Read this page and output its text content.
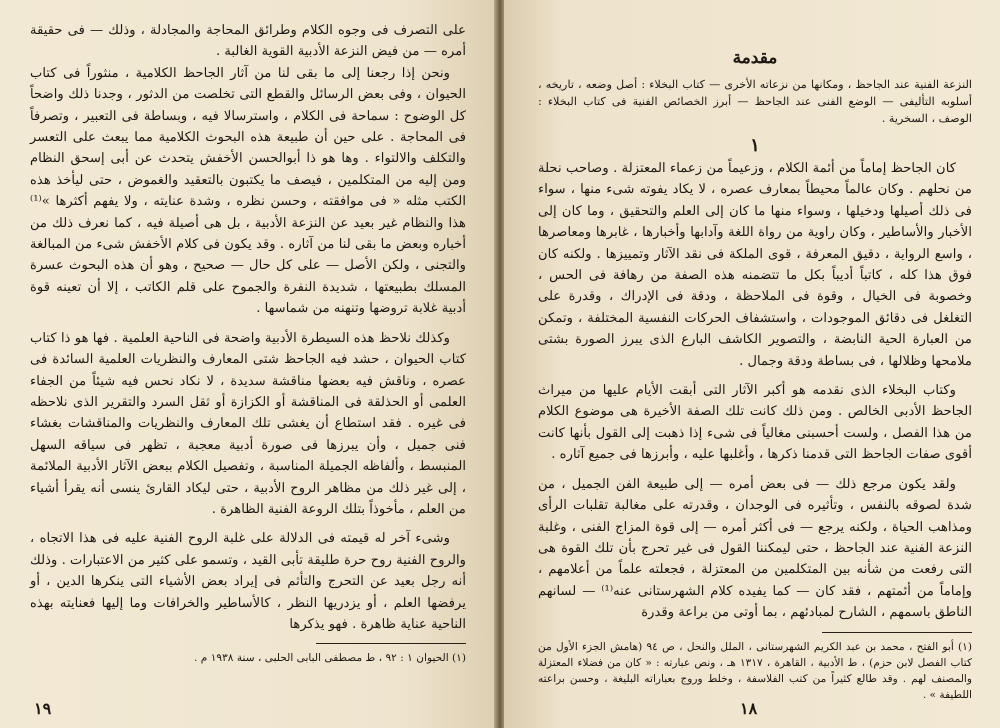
على التصرف فى وجوه الكلام وطرائق المحاجة والمجادلة ، وذلك — فى حقيقة أمره — من فيض النزعة الأدبية القوية الغالبة .

ونحن إذا رجعنا إلى ما بقى لنا من آثار الجاحظ الكلامية ، منثوراً فى كتاب الحيوان ، وفى بعض الرسائل والقطع التى تخلصت من الدثور ، وجدنا ذلك واضحاً كل الوضوح : سماحة فى الكلام ، واسترسالا فيه ، وبساطة فى التعبير ، وتصرفاً فى المحاجة . على حين أن طبيعة هذه البحوث الكلامية مما يبعث على التعسر والتكلف والالتواء . وها هو ذا أبوالحسن الأخفش يتحدث عن أبى إسحق النظام ومن إليه من المتكلمين ، فيصف ما يكتبون بالتعقيد والغموض ، حتى ليأخذ هذه الكتب مثله « فى موافقته ، وحسن نظره ، وشدة عنايته ، ولا يفهم أكثرها »⁽¹⁾ هذا والنظام غير بعيد عن النزعة الأدبية ، بل هى أصيلة فيه ، كما نعرف ذلك من أخباره وبعض ما بقى لنا من آثاره . وقد يكون فى كلام الأخفش شىء من المبالغة والتجنى ، ولكن الأصل — على كل حال — صحيح ، وهو أن هذه البحوث عسرة المسلك بطبيعتها ، شديدة النفرة والجموح على قلم الكاتب ، إلا أن تعينه قوة أدبية غلابة تروضها وتنهنه من شماسها .

وكذلك نلاحظ هذه السيطرة الأدبية واضحة فى الناحية العلمية . فها هو ذا كتاب كتاب الحيوان ، حشد فيه الجاحظ شتى المعارف والنظريات العلمية السائدة فى عصره ، وناقش فيه بعضها مناقشة سديدة ، لا نكاد نحس فيه شيئاً من الجفاء العلمى أو الحذلقة فى المناقشة أو الكزازة أو ثقل السرد والتقرير الذى نلاحظه فى غيره . فقد استطاع أن يغشى تلك المعارف والنظريات والمناقشات بغشاء فنى جميل ، وأن يبرزها فى صورة أدبية معجبة ، تظهر فى سياقه السهل المنبسط ، وألفاظه الجميلة المناسبة ، وتفصيل الكلام ببعض الآثار الأدبية الملائمة ، إلى غير ذلك من مظاهر الروح الأدبية ، حتى ليكاد القارئ ينسى أنه يقرأ أشياء من العلم ، مأخوذاً بتلك الروعة الفنية الظاهرة .

وشىء آخر له قيمته فى الدلالة على غلبة الروح الفنية عليه فى هذا الاتجاه ، والروح الفنية روح حرة طليقة تأبى القيد ، وتسمو على كثير من الاعتبارات . وذلك أنه رجل بعيد عن التحرج والتأثم فى إيراد بعض الأشياء التى ينكرها الدين ، أو يرفضها العلم ، أو يزدريها النظر ، كالأساطير والخرافات وما إليها فعنايته بهذه الناحية عناية ظاهرة . فهو يذكرها

(١) الحيوان ١ : ٩٢ ، ط مصطفى البابى الحلبى ، سنة ١٩٣٨ م .

١٩
مقدمة

النزعة الفنية عند الجاحظ ، ومكانها من نزعاته الأخرى — كتاب البخلاء : أصل وضعه ، تاريخه ، أسلوبه التأليفى — الوضع الفنى عند الجاحظ — أبرز الخصائص الفنية فى كتاب البخلاء : الوصف ، السخرية .

١

كان الجاحظ إماماً من أئمة الكلام ، وزعيماً من زعماء المعتزلة . وصاحب نحلة من نحلهم . وكان عالماً محيطاً بمعارف عصره ، لا يكاد يفوته شىء منها ، سواء فى ذلك أصيلها ودخيلها ، وسواء منها ما كان إلى العلم والتحقيق ، وما كان إلى الأخبار والأساطير ، وكان راوية من رواة اللغة وآدابها وأخبارها ، غابرها ومعاصرها ، واسع الرواية ، دقيق المعرفة ، قوى الملكة فى نقد الآثار وتمييزها . ولكنه كان فوق هذا كله ، كاتباً أديباً بكل ما تتضمنه هذه الصفة من رهافة فى الحس ، وخصوبة فى الخيال ، وقوة فى الملاحظة ، ودقة فى الإدراك ، وقدرة على التغلغل فى دقائق الموجودات ، واستشفاف الحركات النفسية المختلفة ، وتمكن من العبارة الحية النابضة ، والتصوير الكاشف البارع الذى يبرز الصورة بشتى ملامحها وظلالها ، فى بساطة ودقة وجمال .

وكتاب البخلاء الذى نقدمه هو أكبر الآثار التى أبقت الأيام عليها من ميراث الجاحظ الأدبى الخالص . ومن ذلك كانت تلك الصفة الأخيرة هى موضوع الكلام من هذا الفصل ، ولست أحسبنى مغالياً فى شىء إذا ذهبت إلى القول بأنها كانت أقوى صفات الجاحظ التى قدمنا ذكرها ، وأغلبها عليه ، وأبرزها فى جميع آثاره .

ولقد يكون مرجع ذلك — فى بعض أمره — إلى طبيعة الفن الجميل ، من شدة لصوقه بالنفس ، وتأثيره فى الوجدان ، وقدرته على مغالبة تقلبات الرأى ومذاهب الحياة ، ولكنه يرجع — فى أكثر أمره — إلى قوة المزاج الفنى ، وغلبة النزعة الفنية عند الجاحظ ، حتى ليمكننا القول فى غير تحرج بأن تلك القوة هى التى رفعت من شأنه بين المتكلمين من المعتزلة ، فجعلته علماً من أعلامهم ، وإماماً من أئمتهم ، فقد كان — كما يفيده كلام الشهرستانى عنه⁽¹⁾ — لسانهم الناطق باسمهم ، الشارح لمبادئهم ، بما أوتى من براعة وقدرة

(١) أبو الفتح ، محمد بن عبد الكريم الشهرستانى ، الملل والنحل ، ص ٩٤ (هامش الجزء الأول من كتاب الفصل لابن حزم) ، ط الأدبية ، القاهرة ، ١٣١٧ هـ ، ونص عبارته : « كان من فضلاء المعتزلة والمصنف لهم . وقد طالع كثيراً من كتب الفلاسفة ، وخلط وروج بعباراته البليغة ، وحسن براعته اللطيفة » .

١٨
